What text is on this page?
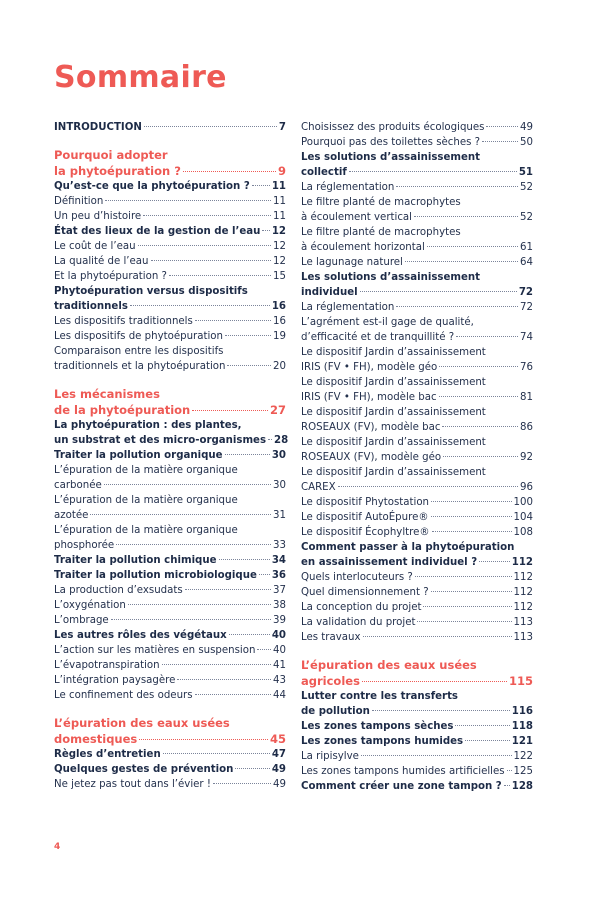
Sommaire
INTRODUCTION	7
Pourquoi adopter
la phytoépuration ?	9
Qu’est-ce que la phytoépuration ? 11
Définition	11
Un peu d’histoire	11
État des lieux de la gestion de l’eau 12
Le coût de l’eau	12
La qualité de l’eau	12
Et la phytoépuration ?	15
Phytoépuration versus dispositifs
traditionnels	16
Les dispositifs traditionnels	16
Les dispositifs de phytoépuration	19
Comparaison entre les dispositifs
traditionnels et la phytoépuration	20
Les mécanismes
de la phytoépuration	27
La phytoépuration : des plantes,
un substrat et des micro-organismes 28
Traiter la pollution organique	30
L’épuration de la matière organique
carbonée	30
L’épuration de la matière organique
azotée	31
L’épuration de la matière organique
phosphorée	33
Traiter la pollution chimique	34
Traiter la pollution microbiologique 36
La production d’exsudats	37
L’oxygénation	38
L’ombrage	39
Les autres rôles des végétaux	40
L’action sur les matières en suspension 40
L’évapotranspiration	41
L’intégration paysagère	43
Le confinement des odeurs	44
L’épuration des eaux usées
domestiques	45
Règles d’entretien	47
Quelques gestes de prévention	49
Ne jetez pas tout dans l’évier !	49
Choisissez des produits écologiques	49
Pourquoi pas des toilettes sèches ?	50
Les solutions d’assainissement
collectif	51
La réglementation	52
Le filtre planté de macrophytes
à écoulement vertical	52
Le filtre planté de macrophytes
à écoulement horizontal	61
Le lagunage naturel	64
Les solutions d’assainissement
individuel	72
La réglementation	72
L’agrément est-il gage de qualité,
d’efficacité et de tranquillité ?	74
Le dispositif Jardin d’assainissement
IRIS (FV • FH), modèle géo	76
Le dispositif Jardin d’assainissement
IRIS (FV • FH), modèle bac	81
Le dispositif Jardin d’assainissement
ROSEAUX (FV), modèle bac	86
Le dispositif Jardin d’assainissement
ROSEAUX (FV), modèle géo	92
Le dispositif Jardin d’assainissement
CAREX	96
Le dispositif Phytostation	100
Le dispositif AutoÉpure®	104
Le dispositif Écophyltre®	108
Comment passer à la phytoépuration
en assainissement individuel ?	112
Quels interlocuteurs ?	112
Quel dimensionnement ?	112
La conception du projet	112
La validation du projet	113
Les travaux	113
L’épuration des eaux usées
agricoles	115
Lutter contre les transferts
de pollution	116
Les zones tampons sèches	118
Les zones tampons humides	121
La ripisylve	122
Les zones tampons humides artificielles 125
Comment créer une zone tampon ? 128
4
